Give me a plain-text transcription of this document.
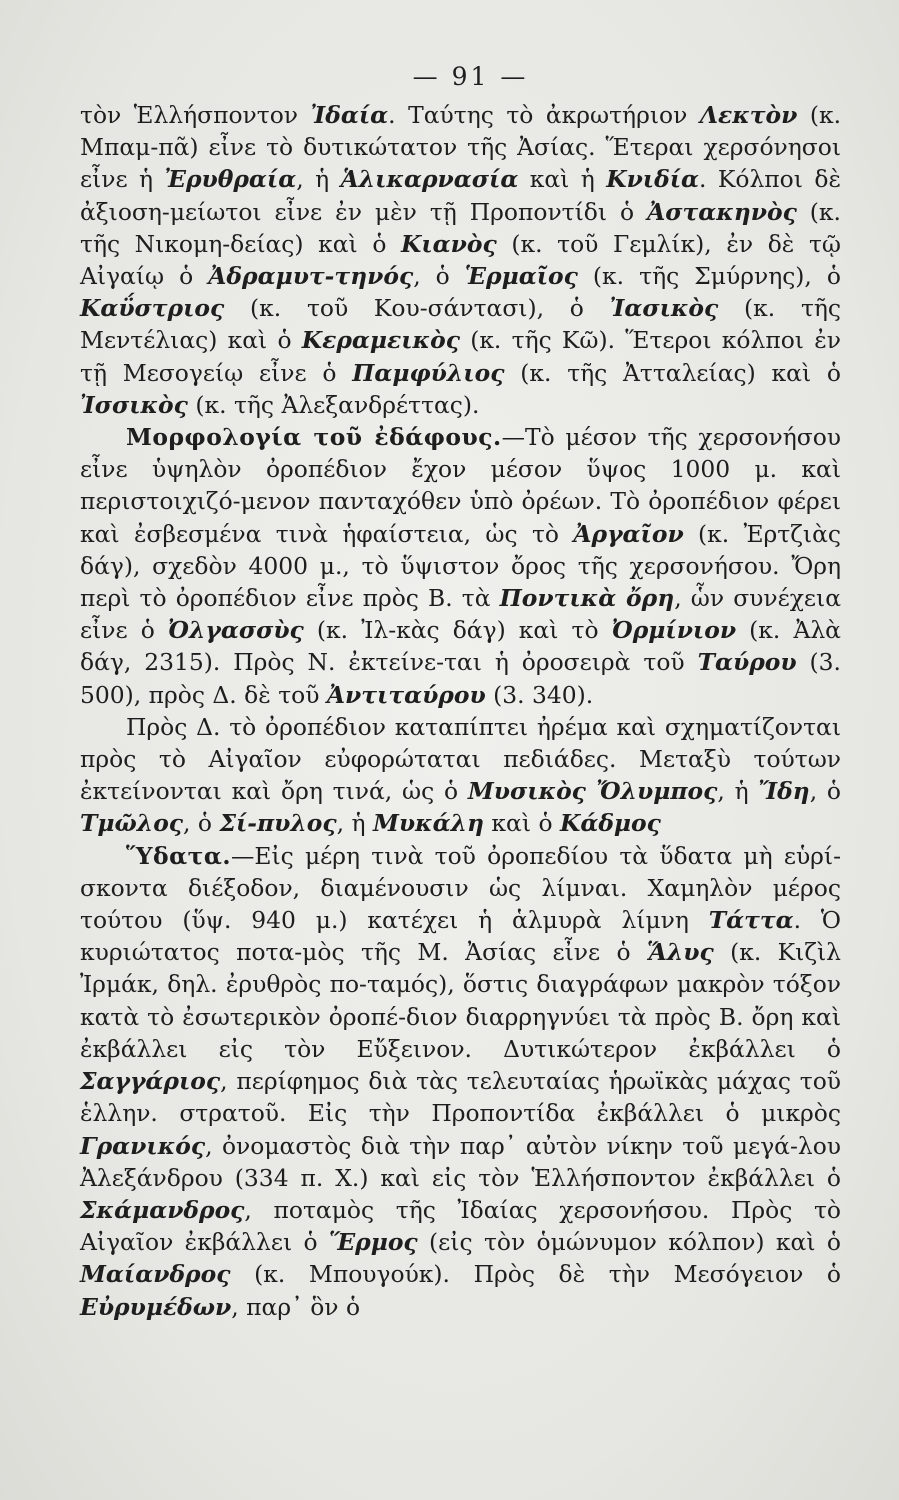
— 91 —

τὸν Ἑλλήσποντον Ἰδαία. Ταύτης τὸ ἀκρωτήριον Λεκτὸν (κ. Μπαμ-πᾶ) εἶνε τὸ δυτικώτατον τῆς Ἀσίας. Ἕτεραι χερσόνησοι εἶνε ἡ Ἐρυθραία, ἡ Ἁλικαρνασία καὶ ἡ Κνιδία. Κόλποι δὲ ἀξιοση-μείωτοι εἶνε ἐν μὲν τῇ Προποντίδι ὁ Ἀστακηνὸς (κ. τῆς Νικομη-δείας) καὶ ὁ Κιανὸς (κ. τοῦ Γεμλίκ), ἐν δὲ τῷ Αἰγαίῳ ὁ Ἀδραμυτ-τηνός, ὁ Ἑρμαῖος (κ. τῆς Σμύρνης), ὁ Καΰστριος (κ. τοῦ Κου-σάντασι), ὁ Ἰασικὸς (κ. τῆς Μεντέλιας) καὶ ὁ Κεραμεικὸς (κ. τῆς Κῶ). Ἕτεροι κόλποι ἐν τῇ Μεσογείῳ εἶνε ὁ Παμφύλιος (κ. τῆς Ἀτταλείας) καὶ ὁ Ἰσσικὸς (κ. τῆς Ἀλεξανδρέττας).

Μορφολογία τοῦ ἐδάφους.—Τὸ μέσον τῆς χερσονήσου εἶνε ὑψηλὸν ὀροπέδιον ἔχον μέσον ὕψος 1000 μ. καὶ περιστοιχιζό-μενον πανταχόθεν ὑπὸ ὀρέων. Τὸ ὀροπέδιον φέρει καὶ ἐσβεσμένα τινὰ ἡφαίστεια, ὡς τὸ Ἀργαῖον (κ. Ἐρτζιὰς δάγ), σχεδὸν 4000 μ., τὸ ὕψιστον ὄρος τῆς χερσονήσου. Ὄρη περὶ τὸ ὀροπέδιον εἶνε πρὸς Β. τὰ Ποντικὰ ὄρη, ὧν συνέχεια εἶνε ὁ Ὀλγασσὺς (κ. Ἰλ-κὰς δάγ) καὶ τὸ Ὀρμίνιον (κ. Ἀλὰ δάγ, 2315). Πρὸς Ν. ἐκτείνε-ται ἡ ὀροσειρὰ τοῦ Ταύρου (3. 500), πρὸς Δ. δὲ τοῦ Ἀντιταύρου (3. 340).

Πρὸς Δ. τὸ ὀροπέδιον καταπίπτει ἠρέμα καὶ σχηματίζονται πρὸς τὸ Αἰγαῖον εὐφορώταται πεδιάδες. Μεταξὺ τούτων ἐκτείνονται καὶ ὄρη τινά, ὡς ὁ Μυσικὸς Ὄλυμπος, ἡ Ἴδη, ὁ Τμῶλος, ὁ Σί-πυλος, ἡ Μυκάλη καὶ ὁ Κάδμος

Ὕδατα.—Εἰς μέρη τινὰ τοῦ ὀροπεδίου τὰ ὕδατα μὴ εὑρί-σκοντα διέξοδον, διαμένουσιν ὡς λίμναι. Χαμηλὸν μέρος τούτου (ὕψ. 940 μ.) κατέχει ἡ ἁλμυρὰ λίμνη Τάττα. Ὁ κυριώτατος ποτα-μὸς τῆς Μ. Ἀσίας εἶνε ὁ Ἅλυς (κ. Κιζὶλ Ἰρμάκ, δηλ. ἐρυθρὸς πο-ταμός), ὅστις διαγράφων μακρὸν τόξον κατὰ τὸ ἐσωτερικὸν ὀροπέ-διον διαρρηγνύει τὰ πρὸς Β. ὄρη καὶ ἐκβάλλει εἰς τὸν Εὔξεινον. Δυτικώτερον ἐκβάλλει ὁ Σαγγάριος, περίφημος διὰ τὰς τελευταίας ἡρωϊκὰς μάχας τοῦ ἑλλην. στρατοῦ. Εἰς τὴν Προποντίδα ἐκβάλλει ὁ μικρὸς Γρανικός, ὀνομαστὸς διὰ τὴν παρ᾽ αὐτὸν νίκην τοῦ μεγά-λου Ἀλεξάνδρου (334 π. Χ.) καὶ εἰς τὸν Ἑλλήσποντον ἐκβάλλει ὁ Σκάμανδρος, ποταμὸς τῆς Ἰδαίας χερσονήσου. Πρὸς τὸ Αἰγαῖον ἐκβάλλει ὁ Ἕρμος (εἰς τὸν ὁμώνυμον κόλπον) καὶ ὁ Μαίανδρος (κ. Μπουγούκ). Πρὸς δὲ τὴν Μεσόγειον ὁ Εὐρυμέδων, παρ᾽ ὃν ὁ
